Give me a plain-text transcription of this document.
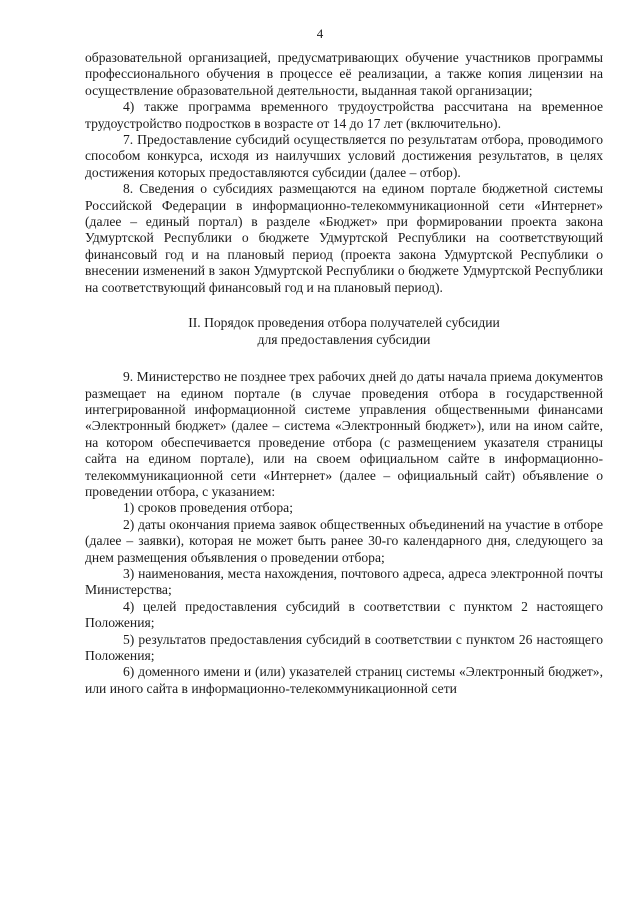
4

образовательной организацией, предусматривающих обучение участников программы профессионального обучения в процессе её реализации, а также копия лицензии на осуществление образовательной деятельности, выданная такой организации;

4) также программа временного трудоустройства рассчитана на временное трудоустройство подростков в возрасте от 14 до 17 лет (включительно).

7. Предоставление субсидий осуществляется по результатам отбора, проводимого способом конкурса, исходя из наилучших условий достижения результатов, в целях достижения которых предоставляются субсидии (далее – отбор).

8. Сведения о субсидиях размещаются на едином портале бюджетной системы Российской Федерации в информационно-телекоммуникационной сети «Интернет» (далее – единый портал) в разделе «Бюджет» при формировании проекта закона Удмуртской Республики о бюджете Удмуртской Республики на соответствующий финансовый год и на плановый период (проекта закона Удмуртской Республики о внесении изменений в закон Удмуртской Республики о бюджете Удмуртской Республики на соответствующий финансовый год и на плановый период).

II. Порядок проведения отбора получателей субсидии
для предоставления субсидии

9. Министерство не позднее трех рабочих дней до даты начала приема документов размещает на едином портале (в случае проведения отбора в государственной интегрированной информационной системе управления общественными финансами «Электронный бюджет» (далее – система «Электронный бюджет»), или на ином сайте, на котором обеспечивается проведение отбора (с размещением указателя страницы сайта на едином портале), или на своем официальном сайте в информационно-телекоммуникационной сети «Интернет» (далее – официальный сайт) объявление о проведении отбора, с указанием:

1) сроков проведения отбора;

2) даты окончания приема заявок общественных объединений на участие в отборе (далее – заявки), которая не может быть ранее 30-го календарного дня, следующего за днем размещения объявления о проведении отбора;

3) наименования, места нахождения, почтового адреса, адреса электронной почты Министерства;

4) целей предоставления субсидий в соответствии с пунктом 2 настоящего Положения;

5) результатов предоставления субсидий в соответствии с пунктом 26 настоящего Положения;

6) доменного имени и (или) указателей страниц системы «Электронный бюджет», или иного сайта в информационно-телекоммуникационной сети
